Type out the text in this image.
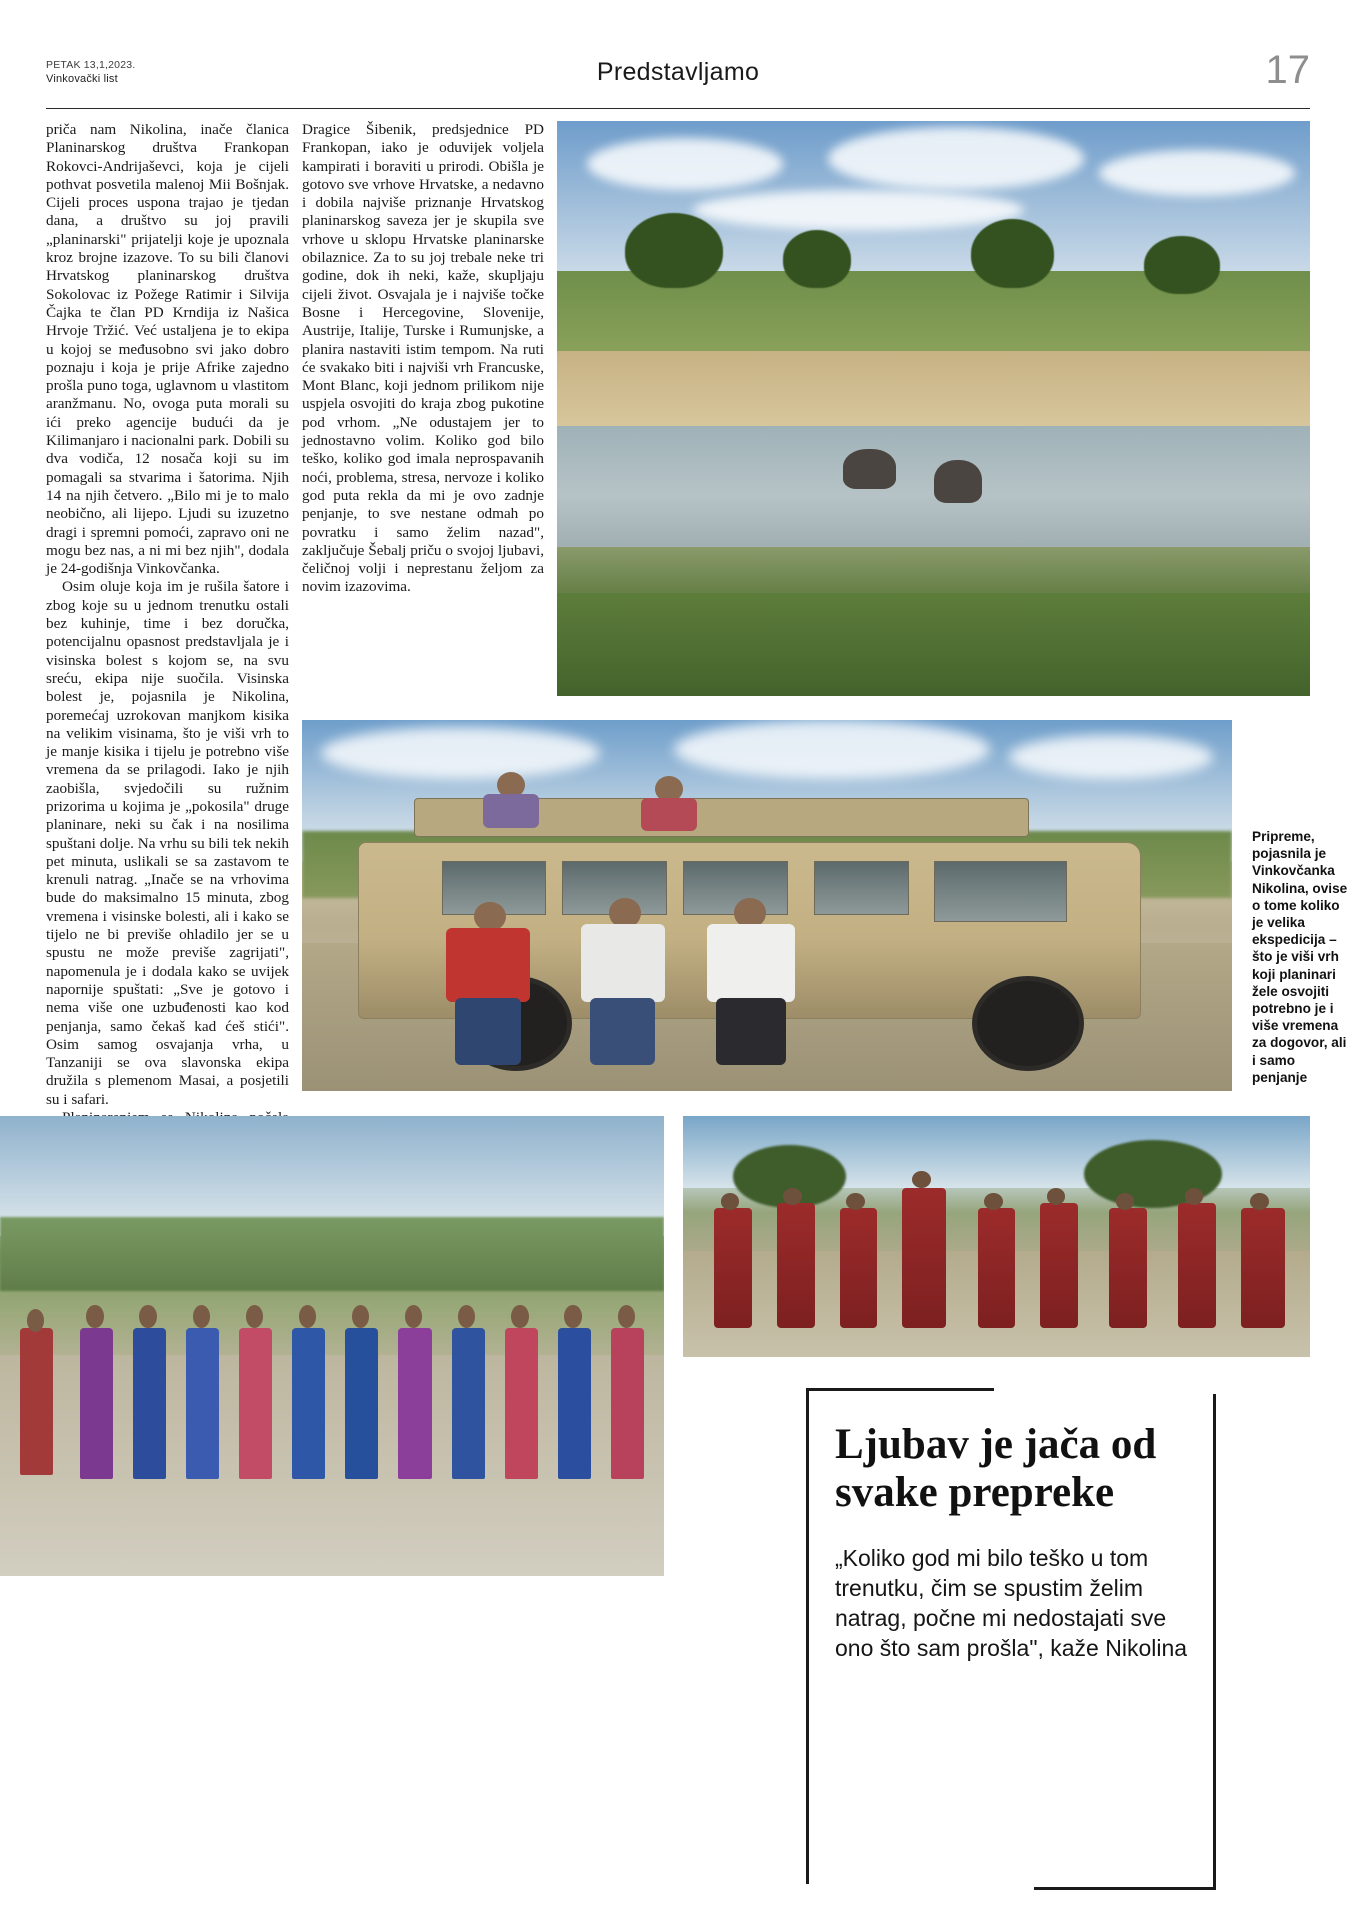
PETAK 13,1,2023.
Vinkovački list	Predstavljamo	17

priča nam Nikolina, inače članica Planinarskog društva Frankopan Rokovci-Andrijaševci, koja je cijeli pothvat posvetila malenoj Mii Bošnjak. Cijeli proces uspona trajao je tjedan dana, a društvo su joj pravili „planinarski" prijatelji koje je upoznala kroz brojne izazove. To su bili članovi Hrvatskog planinarskog društva Sokolovac iz Požege Ratimir i Silvija Čajka te član PD Krndija iz Našica Hrvoje Tržić. Već ustaljena je to ekipa u kojoj se međusobno svi jako dobro poznaju i koja je prije Afrike zajedno prošla puno toga, uglavnom u vlastitom aranžmanu. No, ovoga puta morali su ići preko agencije budući da je Kilimanjaro i nacionalni park. Dobili su dva vodiča, 12 nosača koji su im pomagali sa stvarima i šatorima. Njih 14 na njih četvero. „Bilo mi je to malo neobično, ali lijepo. Ljudi su izuzetno dragi i spremni pomoći, zapravo oni ne mogu bez nas, a ni mi bez njih", dodala je 24-godišnja Vinkovčanka.

Osim oluje koja im je rušila šatore i zbog koje su u jednom trenutku ostali bez kuhinje, time i bez doručka, potencijalnu opasnost predstavljala je i visinska bolest s kojom se, na svu sreću, ekipa nije suočila. Visinska bolest je, pojasnila je Nikolina, poremećaj uzrokovan manjkom kisika na velikim visinama, što je viši vrh to je manje kisika i tijelu je potrebno više vremena da se prilagodi. Iako je njih zaobišla, svjedočili su ružnim prizorima u kojima je „pokosila" druge planinare, neki su čak i na nosilima spuštani dolje. Na vrhu su bili tek nekih pet minuta, uslikali se sa zastavom te krenuli natrag. „Inače se na vrhovima bude do maksimalno 15 minuta, zbog vremena i visinske bolesti, ali i kako se tijelo ne bi previše ohladilo jer se u spustu ne može previše zagrijati", napomenula je i dodala kako se uvijek napornije spuštati: „Sve je gotovo i nema više one uzbuđenosti kao kod penjanja, samo čekaš kad ćeš stići". Osim samog osvajanja vrha, u Tanzaniji se ova slavonska ekipa družila s plemenom Masai, a posjetili su i safari.

Dragice Šibenik, predsjednice PD Frankopan, iako je oduvijek voljela kampirati i boraviti u prirodi. Obišla je gotovo sve vrhove Hrvatske, a nedavno i dobila najviše priznanje Hrvatskog planinarskog saveza jer je skupila sve vrhove u sklopu Hrvatske planinarske obilaznice. Za to su joj trebale neke tri godine, dok ih neki, kaže, skupljaju cijeli život. Osvajala je i najviše točke Bosne i Hercegovine, Slovenije, Austrije, Italije, Turske i Rumunjske, a planira nastaviti istim tempom. Na ruti će svakako biti i najviši vrh Francuske, Mont Blanc, koji jednom prilikom nije uspjela osvojiti do kraja zbog pukotine pod vrhom. „Ne odustajem jer to jednostavno volim. Koliko god bilo teško, koliko god imala neprospavanih noći, problema, stresa, nervoze i koliko god puta rekla da mi je ovo zadnje penjanje, to sve nestane odmah po povratku i samo želim nazad", zaključuje Šebalj priču o svojoj ljubavi, čeličnoj volji i neprestanu željom za novim izazovima.

Pripreme, pojasnila je Vinkovčanka Nikolina, ovise o tome koliko je velika ekspedicija – što je viši vrh koji planinari žele osvojiti potrebno je i više vremena za dogovor, ali i samo penjanje
Ljubav je jača od svake prepreke
„Koliko god mi bilo teško u tom trenutku, čim se spustim želim natrag, počne mi nedostajati sve ono što sam prošla", kaže Nikolina
